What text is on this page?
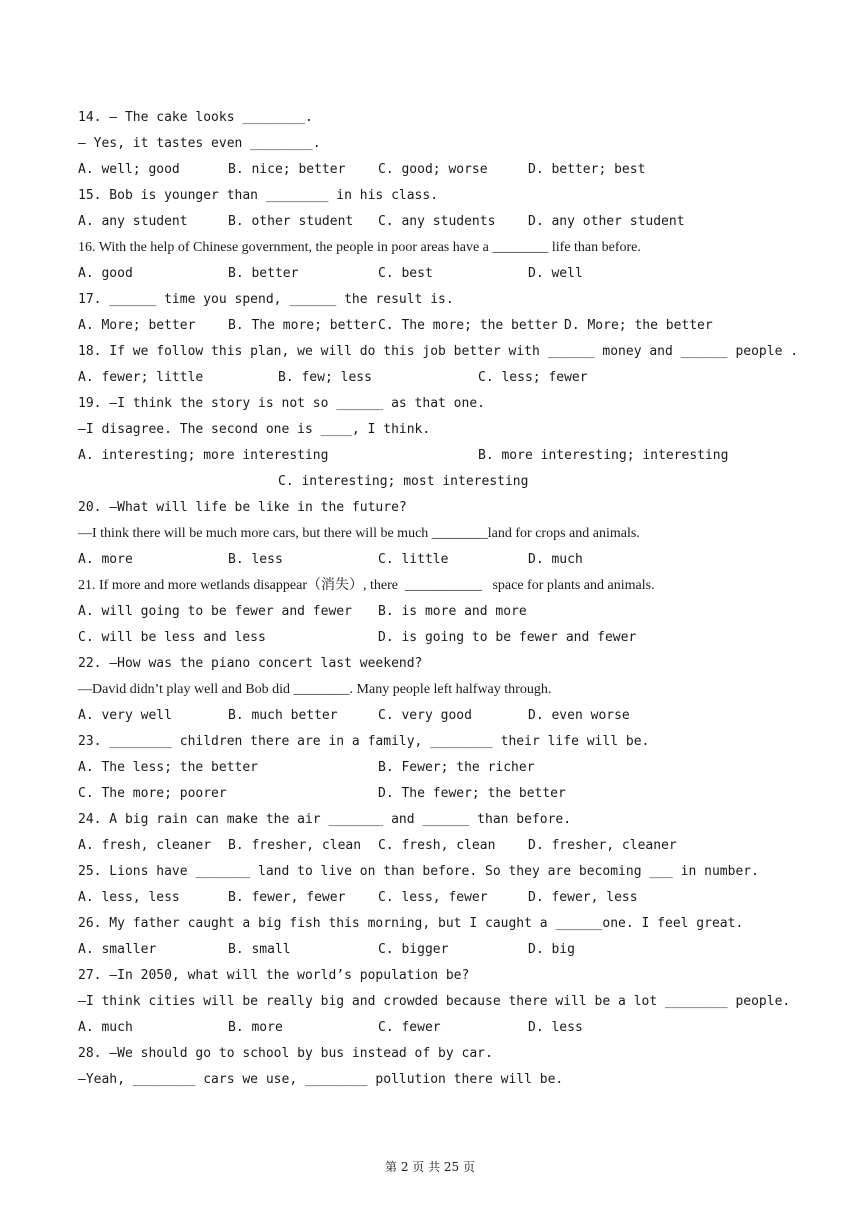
14. — The cake looks ________.
— Yes, it tastes even ________.
A. well; good	B. nice; better	C. good; worse	D. better; best
15. Bob is younger than ________ in his class.
A. any student	B. other student	C. any students	D. any other student
16. With the help of Chinese government, the people in poor areas have a ________ life than before.
A. good	B. better	C. best	D. well
17. ______ time you spend, ______ the result is.
A. More; better	B. The more; better C. The more; the better D. More; the better
18. If we follow this plan, we will do this job better with ______ money and ______ people .
A. fewer; little	B. few; less	C. less; fewer
19. —I think the story is not so ______ as that one.
—I disagree. The second one is ____, I think.
A. interesting; more interesting	B. more interesting; interesting
C. interesting; most interesting
20. —What will life be like in the future?
—I think there will be much more cars, but there will be much ________land for crops and animals.
A. more	B. less	C. little	D. much
21. If more and more wetlands disappear（消失）, there  ___________   space for plants and animals.
A. will going to be fewer and fewer	B. is more and more
C. will be less and less	D. is going to be fewer and fewer
22. —How was the piano concert last weekend?
—David didn’t play well and Bob did ________. Many people left halfway through.
A. very well	B. much better	C. very good	D. even worse
23. ________ children there are in a family, ________ their life will be.
A. The less; the better	B. Fewer; the richer
C. The more; poorer	D. The fewer; the better
24. A big rain can make the air _______ and ______ than before.
A. fresh, cleaner	B. fresher, clean	C. fresh, clean	D. fresher, cleaner
25. Lions have _______ land to live on than before. So they are becoming ___ in number.
A. less, less	B. fewer, fewer	C. less, fewer	D. fewer, less
26. My father caught a big fish this morning, but I caught a ______one. I feel great.
A. smaller	B. small	C. bigger	D. big
27. —In 2050, what will the world’s population be?
—I think cities will be really big and crowded because there will be a lot ________ people.
A. much	B. more	C. fewer	D. less
28. —We should go to school by bus instead of by car.
—Yeah, ________ cars we use, ________ pollution there will be.
第 2 页 共 25 页
